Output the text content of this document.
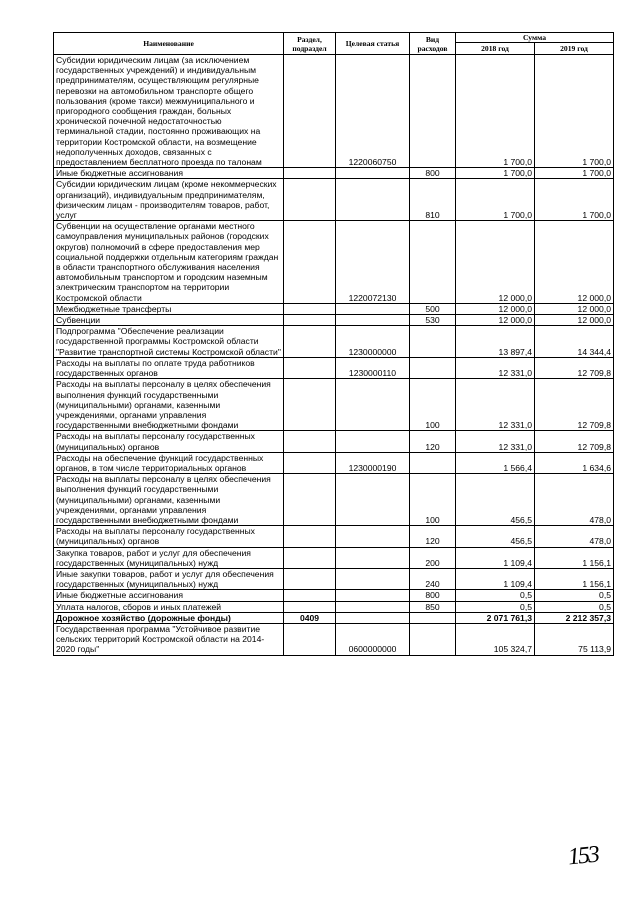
Наименование	Раздел, подраздел	Целевая статья	Вид расходов	Сумма	
				2018 год	2019 год
Субсидии юридическим лицам (за исключением государственных учреждений) и индивидуальным предпринимателям, осуществляющим регулярные перевозки на автомобильном транспорте общего пользования (кроме такси) межмуниципального и пригородного сообщения граждан, больных хронической почечной недостаточностью терминальной стадии, постоянно проживающих на территории Костромской области, на возмещение недополученных доходов, связанных с предоставлением бесплатного проезда по талонам		1220060750		1 700,0	1 700,0
Иные бюджетные ассигнования			800	1 700,0	1 700,0
Субсидии юридическим лицам (кроме некоммерческих организаций), индивидуальным предпринимателям, физическим лицам - производителям товаров, работ, услуг			810	1 700,0	1 700,0
Субвенции на осуществление органами местного самоуправления муниципальных районов (городских округов) полномочий в сфере предоставления мер социальной поддержки отдельным категориям граждан в области транспортного обслуживания населения автомобильным транспортом и городским наземным электрическим транспортом на территории Костромской области		1220072130		12 000,0	12 000,0
Межбюджетные трансферты			500	12 000,0	12 000,0
Субвенции			530	12 000,0	12 000,0
Подпрограмма "Обеспечение реализации государственной программы Костромской области "Развитие транспортной системы Костромской области"		1230000000		13 897,4	14 344,4
Расходы на выплаты по оплате труда работников государственных органов		1230000110		12 331,0	12 709,8
Расходы на выплаты персоналу в целях обеспечения выполнения функций государственными (муниципальными) органами, казенными учреждениями, органами управления государственными внебюджетными фондами			100	12 331,0	12 709,8
Расходы на выплаты персоналу государственных (муниципальных) органов			120	12 331,0	12 709,8
Расходы на обеспечение функций государственных органов, в том числе территориальных органов		1230000190		1 566,4	1 634,6
Расходы на выплаты персоналу в целях обеспечения выполнения функций государственными (муниципальными) органами, казенными учреждениями, органами управления государственными внебюджетными фондами			100	456,5	478,0
Расходы на выплаты персоналу государственных (муниципальных) органов			120	456,5	478,0
Закупка товаров, работ и услуг для обеспечения государственных (муниципальных) нужд			200	1 109,4	1 156,1
Иные закупки товаров, работ и услуг для обеспечения государственных (муниципальных) нужд			240	1 109,4	1 156,1
Иные бюджетные ассигнования			800	0,5	0,5
Уплата налогов, сборов и иных платежей			850	0,5	0,5
Дорожное хозяйство (дорожные фонды)	0409			2 071 761,3	2 212 357,3
Государственная программа "Устойчивое развитие сельских территорий Костромской области на 2014-2020 годы"		0600000000		105 324,7	75 113,9
153
